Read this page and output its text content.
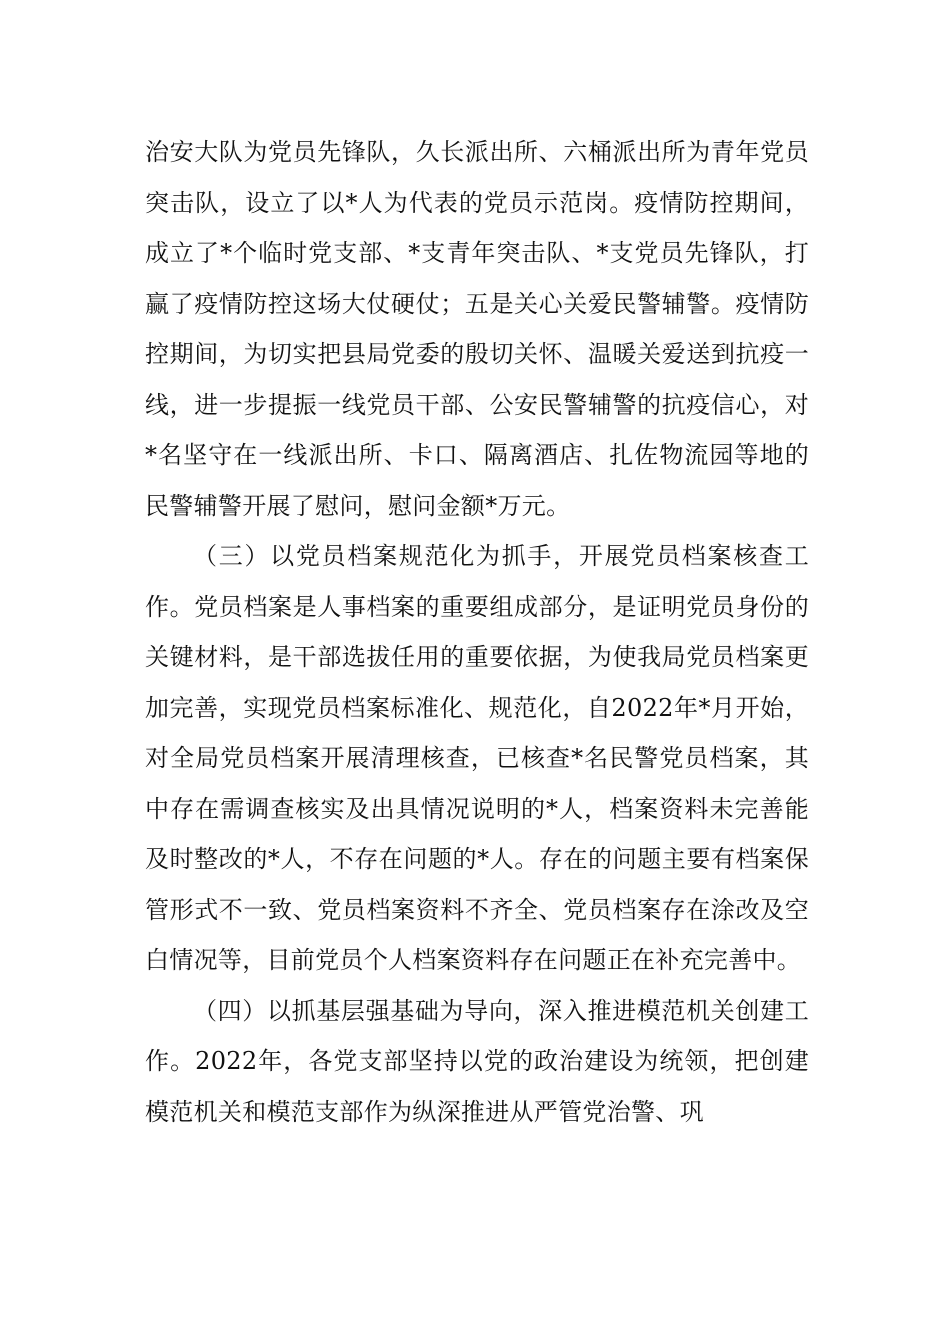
治安大队为党员先锋队，久长派出所、六桶派出所为青年党员突击队，设立了以*人为代表的党员示范岗。疫情防控期间，成立了*个临时党支部、*支青年突击队、*支党员先锋队，打赢了疫情防控这场大仗硬仗；五是关心关爱民警辅警。疫情防控期间，为切实把县局党委的殷切关怀、温暖关爱送到抗疫一线，进一步提振一线党员干部、公安民警辅警的抗疫信心，对*名坚守在一线派出所、卡口、隔离酒店、扎佐物流园等地的民警辅警开展了慰问，慰问金额*万元。

（三）以党员档案规范化为抓手，开展党员档案核查工作。党员档案是人事档案的重要组成部分，是证明党员身份的关键材料，是干部选拔任用的重要依据，为使我局党员档案更加完善，实现党员档案标准化、规范化，自2022年*月开始，对全局党员档案开展清理核查，已核查*名民警党员档案，其中存在需调查核实及出具情况说明的*人，档案资料未完善能及时整改的*人，不存在问题的*人。存在的问题主要有档案保管形式不一致、党员档案资料不齐全、党员档案存在涂改及空白情况等，目前党员个人档案资料存在问题正在补充完善中。

（四）以抓基层强基础为导向，深入推进模范机关创建工作。2022年，各党支部坚持以党的政治建设为统领，把创建模范机关和模范支部作为纵深推进从严管党治警、巩
